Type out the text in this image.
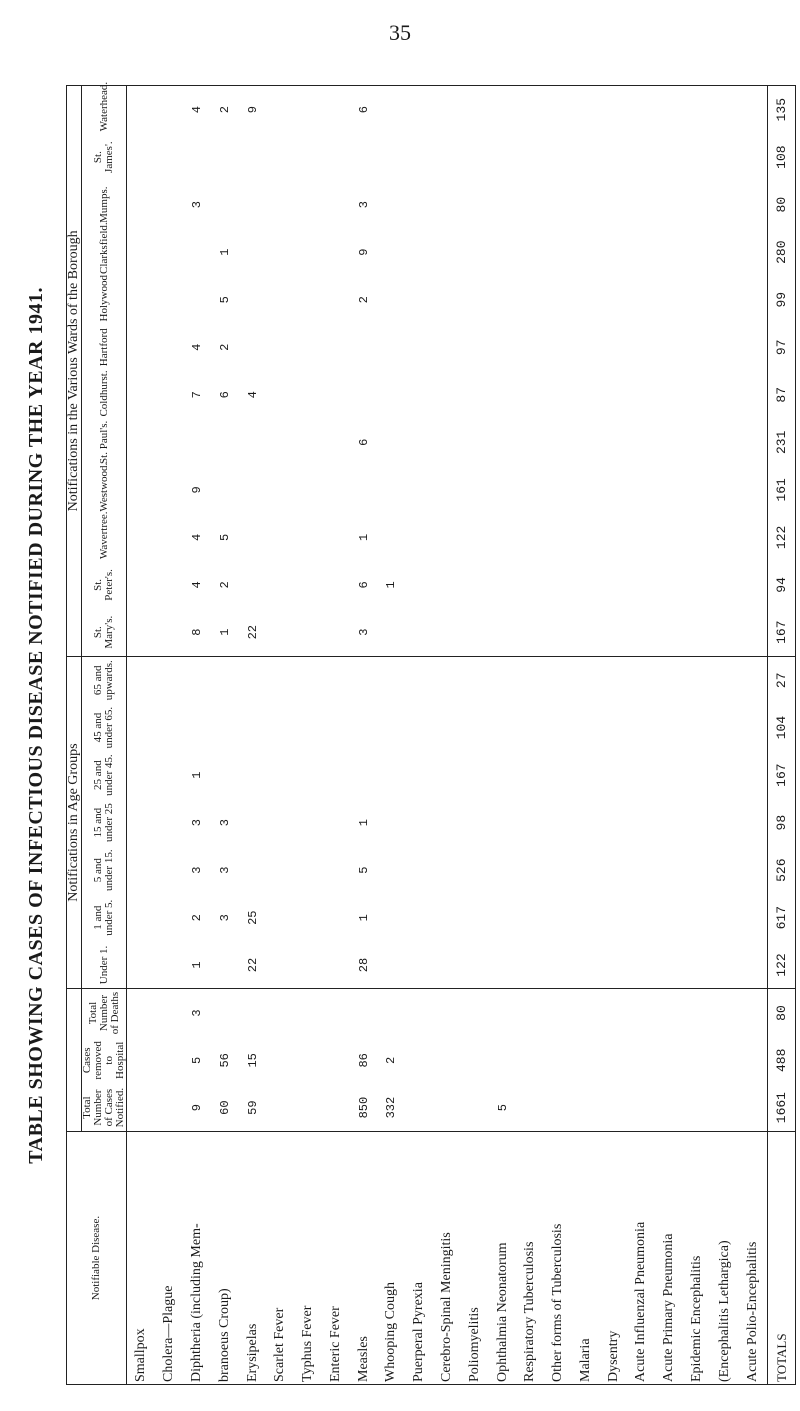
35
TABLE SHOWING CASES OF INFECTIOUS DISEASE NOTIFIED DURING THE YEAR 1941.
Notifiable Disease.				Notifications in Age Groups							Notifications in the Various Wards of the Borough											
	Total Number of Cases Notified.	Cases removed to Hospital	Total Number of Deaths	Under 1.	1 and under 5.	5 and under 15.	15 and under 25	25 and under 45.	45 and under 65.	65 and upwards.	St. Mary's.	St. Peter's.	Wavertree.	Westwood.	St. Paul's.	Coldhurst.	Hartford	Holywood	Clarksfield.	Mumps.	St. James'.	Waterhead.
Smallpox																						
Cholera—Plague																						
Diphtheria (including Mem-	9	5	3	1	2	3	3	1			8	4	4	9		7	4			3		4
branoeus Croup)	60	56			3	3	3				1	2	5			6	2	5	1			2
Erysipelas	59	15		22	25						22					4						9
Scarlet Fever																						
Typhus Fever																						
Enteric Fever																						
Measles	850	86		28	1	5	1				3	6	1		6			2	9	3		6
Whooping Cough	332	2										1										
Puerperal Pyrexia																						
Cerebro-Spinal Meningitis																						
Poliomyelitis																						
Ophthalmia Neonatorum	5																					
Respiratory Tuberculosis																						
Other forms of Tuberculosis																						
Malaria																						
Dysentry																						
Acute Influenzal Pneumonia																						
Acute Primary Pneumonia																						
Epidemic Encephalitis																						
(Encephalitis Lethargica)																						
Acute Polio-Encephalitis																						
TOTALS	1661	488	80	122	617	526	98	167	104	27	167	94	122	161	231	87	97	99	280	80	108	135
